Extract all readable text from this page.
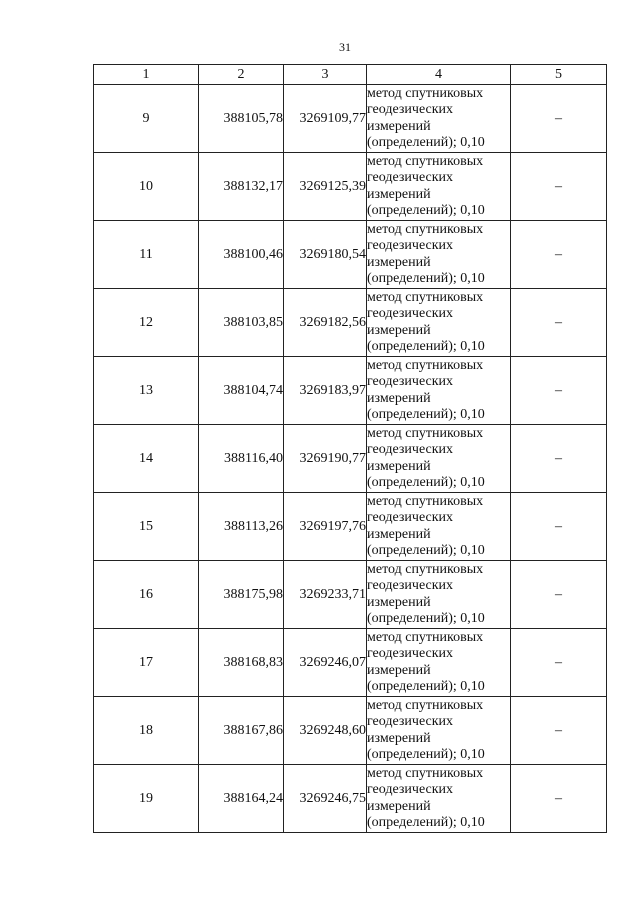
31
1	2	3	4	5
9	388105,78	3269109,77	метод спутниковых
геодезических
измерений
(определений); 0,10	–
10	388132,17	3269125,39	метод спутниковых
геодезических
измерений
(определений); 0,10	–
11	388100,46	3269180,54	метод спутниковых
геодезических
измерений
(определений); 0,10	–
12	388103,85	3269182,56	метод спутниковых
геодезических
измерений
(определений); 0,10	–
13	388104,74	3269183,97	метод спутниковых
геодезических
измерений
(определений); 0,10	–
14	388116,40	3269190,77	метод спутниковых
геодезических
измерений
(определений); 0,10	–
15	388113,26	3269197,76	метод спутниковых
геодезических
измерений
(определений); 0,10	–
16	388175,98	3269233,71	метод спутниковых
геодезических
измерений
(определений); 0,10	–
17	388168,83	3269246,07	метод спутниковых
геодезических
измерений
(определений); 0,10	–
18	388167,86	3269248,60	метод спутниковых
геодезических
измерений
(определений); 0,10	–
19	388164,24	3269246,75	метод спутниковых
геодезических
измерений
(определений); 0,10	–
